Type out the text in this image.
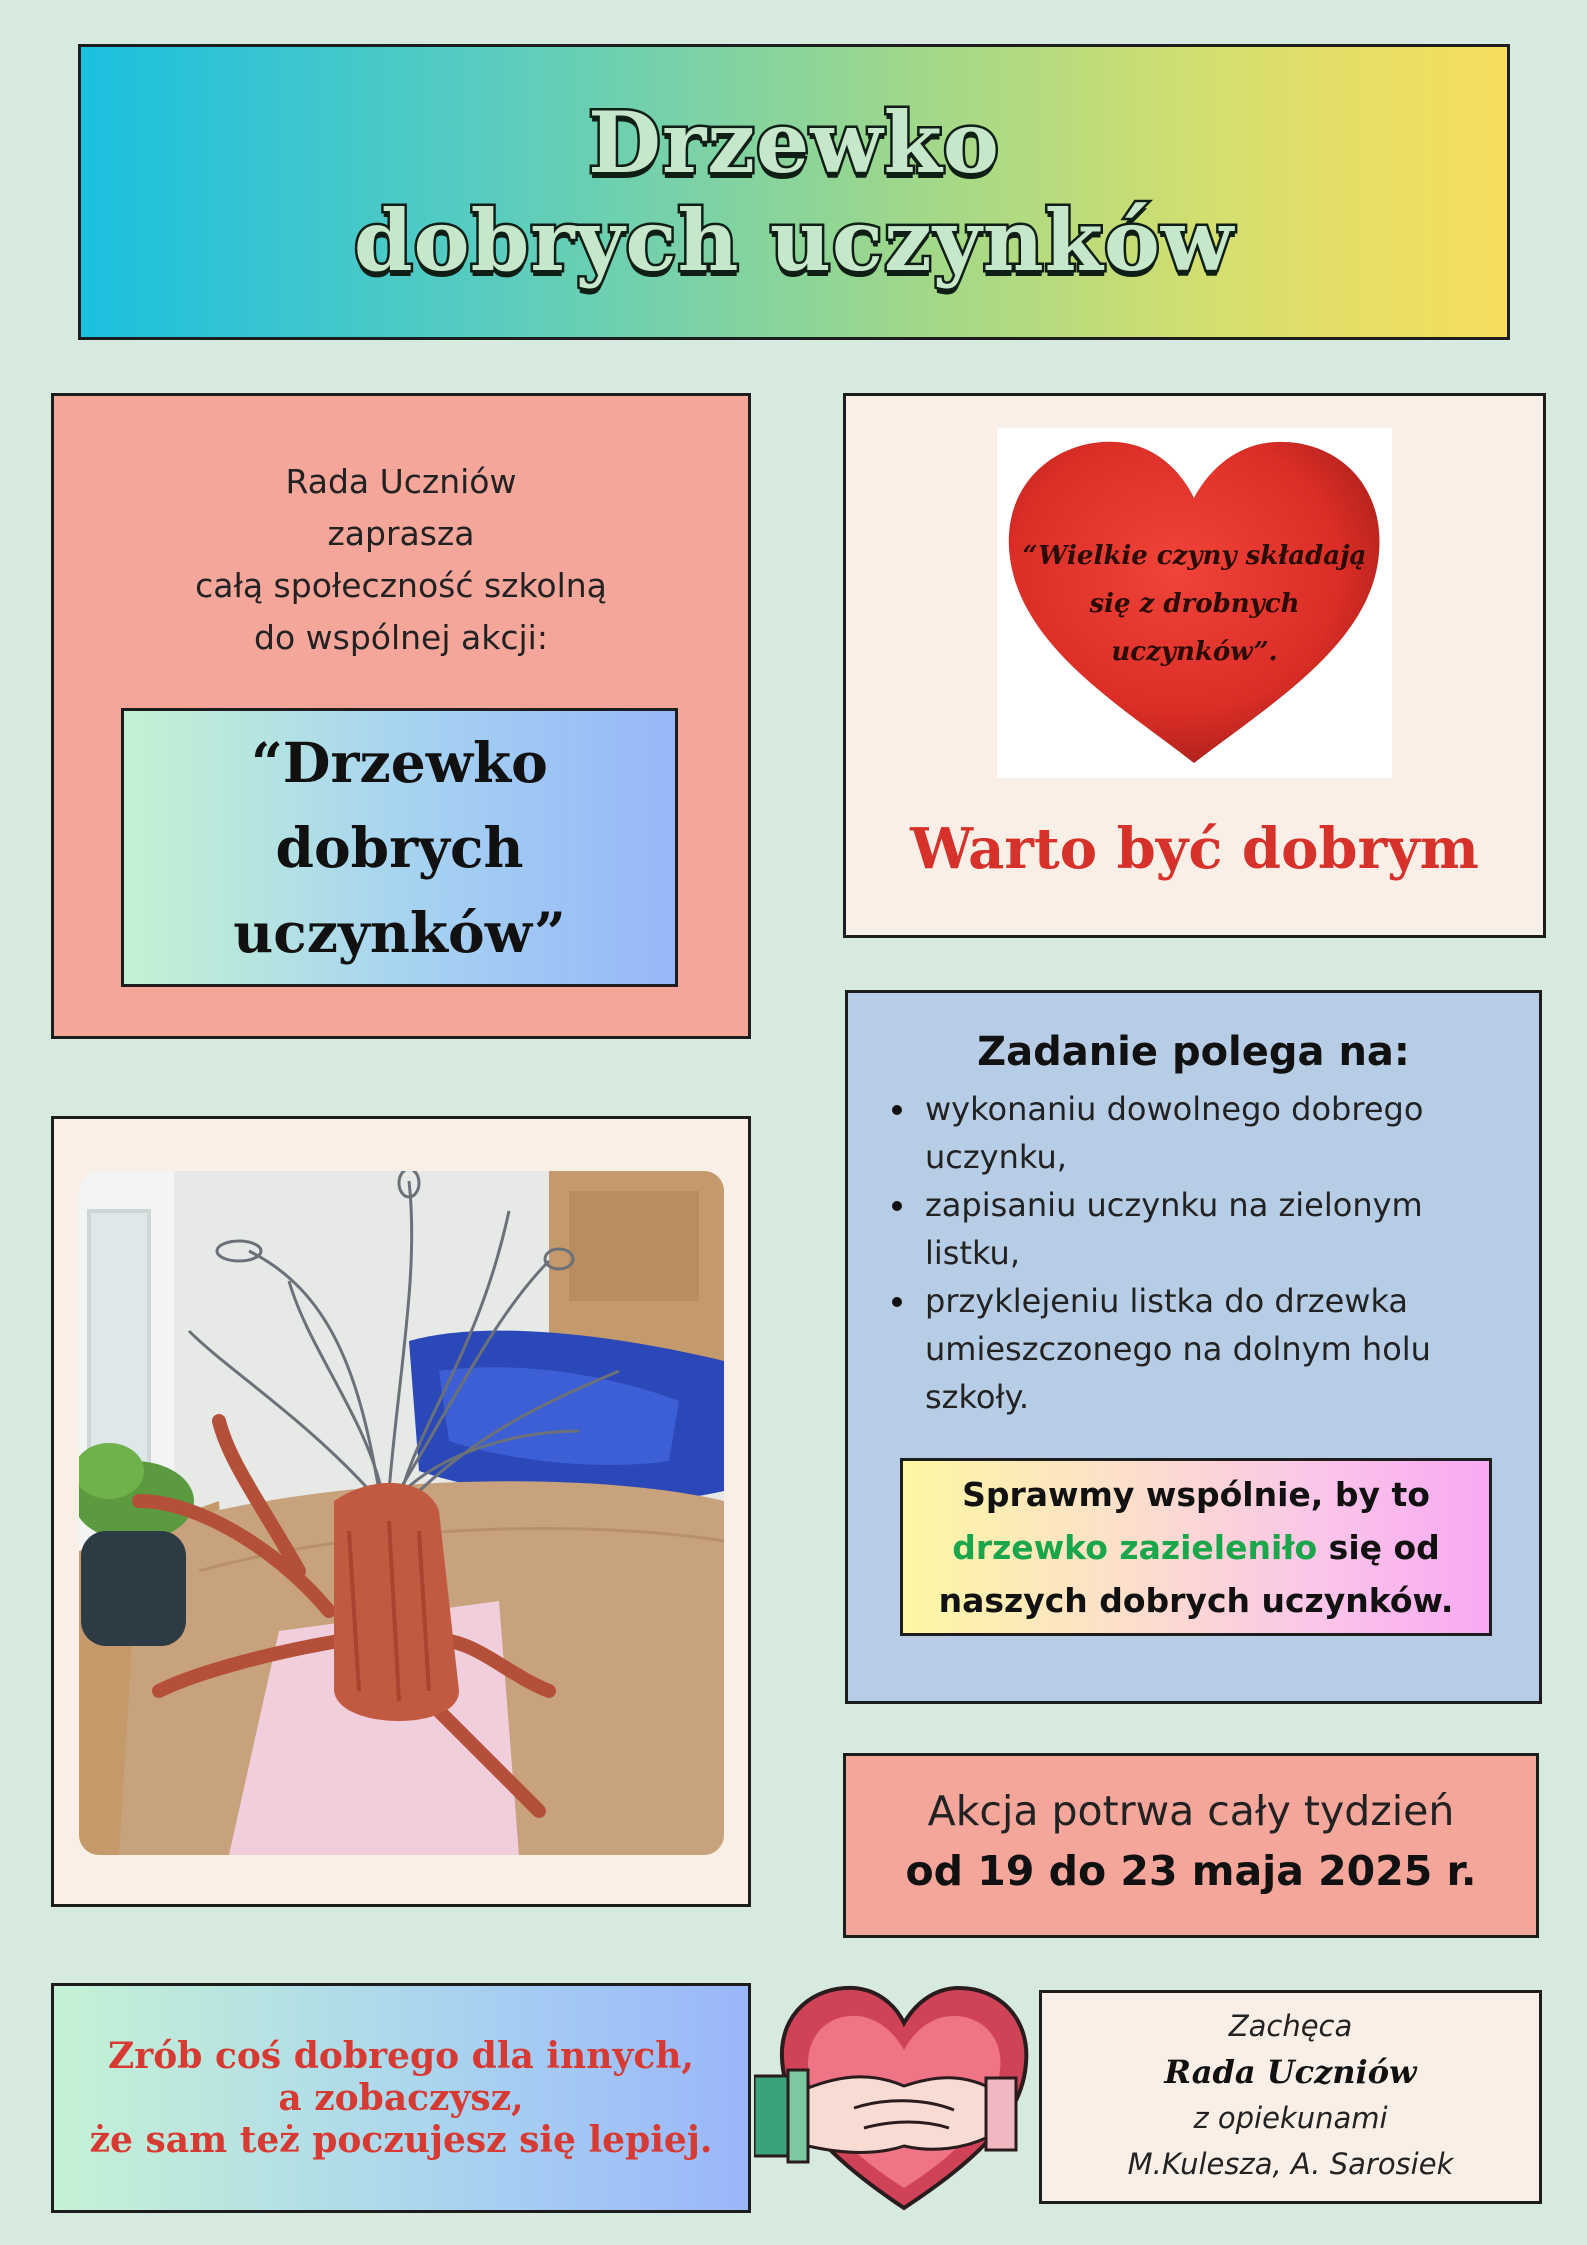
Drzewko
dobrych uczynków
Rada Uczniów
zaprasza
całą społeczność szkolną
do wspólnej akcji:
“Drzewko
dobrych
uczynków”
“Wielkie czyny składają
się z drobnych
uczynków”.
Warto być dobrym
Zadanie polega na:
wykonaniu dowolnego dobrego
uczynku,
zapisaniu uczynku na zielonym
listku,
przyklejeniu listka do drzewka
umieszczonego na dolnym holu
szkoły.
Sprawmy wspólnie, by to
drzewko zazieleniło się od
naszych dobrych uczynków.
Akcja potrwa cały tydzień
od 19 do 23 maja 2025 r.
Zrób coś dobrego dla innych,
a zobaczysz,
że sam też poczujesz się lepiej.
Zachęca
Rada Uczniów
z opiekunami
M.Kulesza, A. Sarosiek
